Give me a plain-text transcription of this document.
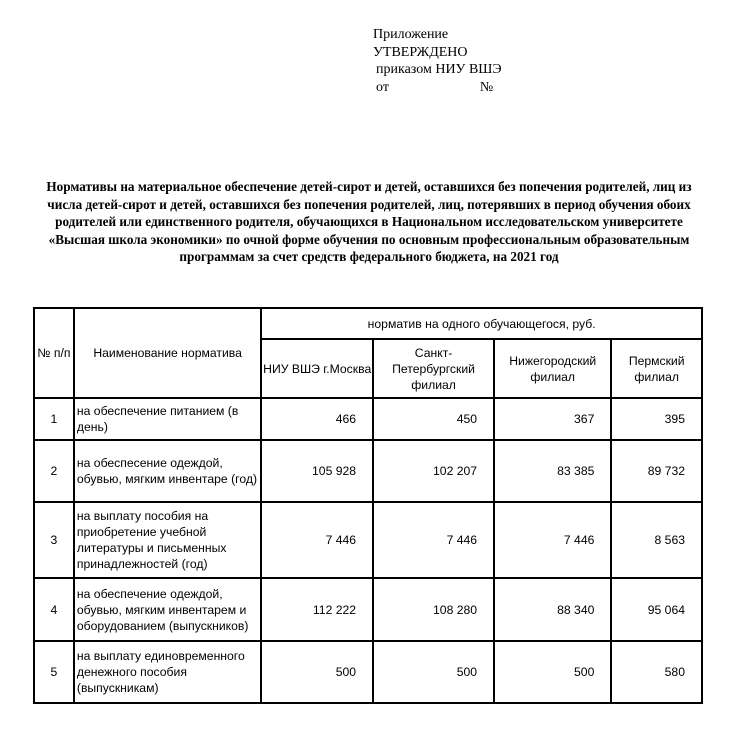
Приложение
УТВЕРЖДЕНО
приказом НИУ ВШЭ
от                          №
Нормативы на материальное обеспечение детей-сирот и детей, оставшихся без попечения родителей, лиц из числа детей-сирот и детей, оставшихся без попечения родителей, лиц, потерявших в период обучения обоих родителей или единственного родителя, обучающихся в Национальном исследовательском университете «Высшая школа экономики» по очной форме обучения по основным профессиональным образовательным программам за счет средств федерального бюджета, на 2021 год
№ п/п	Наименование норматива	норматив на одного обучающегося, руб.			
		НИУ ВШЭ г.Москва	Санкт-Петербургский филиал	Нижегородский филиал	Пермский филиал
1	на обеспечение питанием (в день)	466	450	367	395
2	на обеспесение одеждой, обувью, мягким инвентаре (год)	105 928	102 207	83 385	89 732
3	на выплату пособия на приобретение учебной литературы и письменных принадлежностей (год)	7 446	7 446	7 446	8 563
4	на обеспечение одеждой, обувью, мягким инвентарем и оборудованием (выпускников)	112 222	108 280	88 340	95 064
5	на выплату единовременного денежного пособия (выпускникам)	500	500	500	580
